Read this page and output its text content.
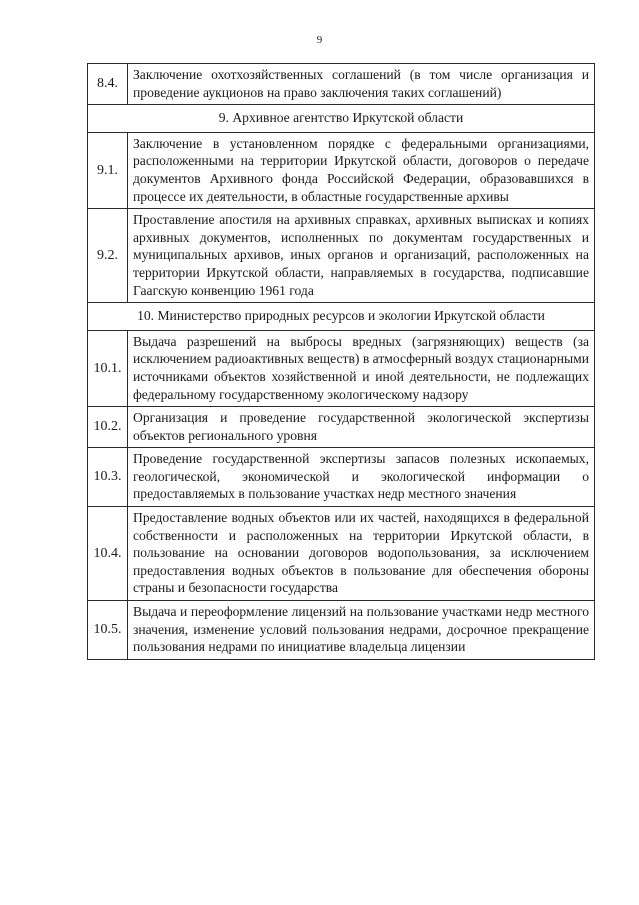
9
8.4.	Заключение охотхозяйственных соглашений (в том числе организация и проведение аукционов на право заключения таких соглашений)
9. Архивное агентство Иркутской области	
9.1.	Заключение в установленном порядке с федеральными организациями, расположенными на территории Иркутской области, договоров о передаче документов Архивного фонда Российской Федерации, образовавшихся в процессе их деятельности, в областные государственные архивы
9.2.	Проставление апостиля на архивных справках, архивных выписках и копиях архивных документов, исполненных по документам государственных и муниципальных архивов, иных органов и организаций, расположенных на территории Иркутской области, направляемых в государства, подписавшие Гаагскую конвенцию 1961 года
10. Министерство природных ресурсов и экологии Иркутской области	
10.1.	Выдача разрешений на выбросы вредных (загрязняющих) веществ (за исключением радиоактивных веществ) в атмосферный воздух стационарными источниками объектов хозяйственной и иной деятельности, не подлежащих федеральному государственному экологическому надзору
10.2.	Организация и проведение государственной экологической экспертизы объектов регионального уровня
10.3.	Проведение государственной экспертизы запасов полезных ископаемых, геологической, экономической и экологической информации о предоставляемых в пользование участках недр местного значения
10.4.	Предоставление водных объектов или их частей, находящихся в федеральной собственности и расположенных на территории Иркутской области, в пользование на основании договоров водопользования, за исключением предоставления водных объектов в пользование для обеспечения обороны страны и безопасности государства
10.5.	Выдача и переоформление лицензий на пользование участками недр местного значения, изменение условий пользования недрами, досрочное прекращение пользования недрами по инициативе владельца лицензии
